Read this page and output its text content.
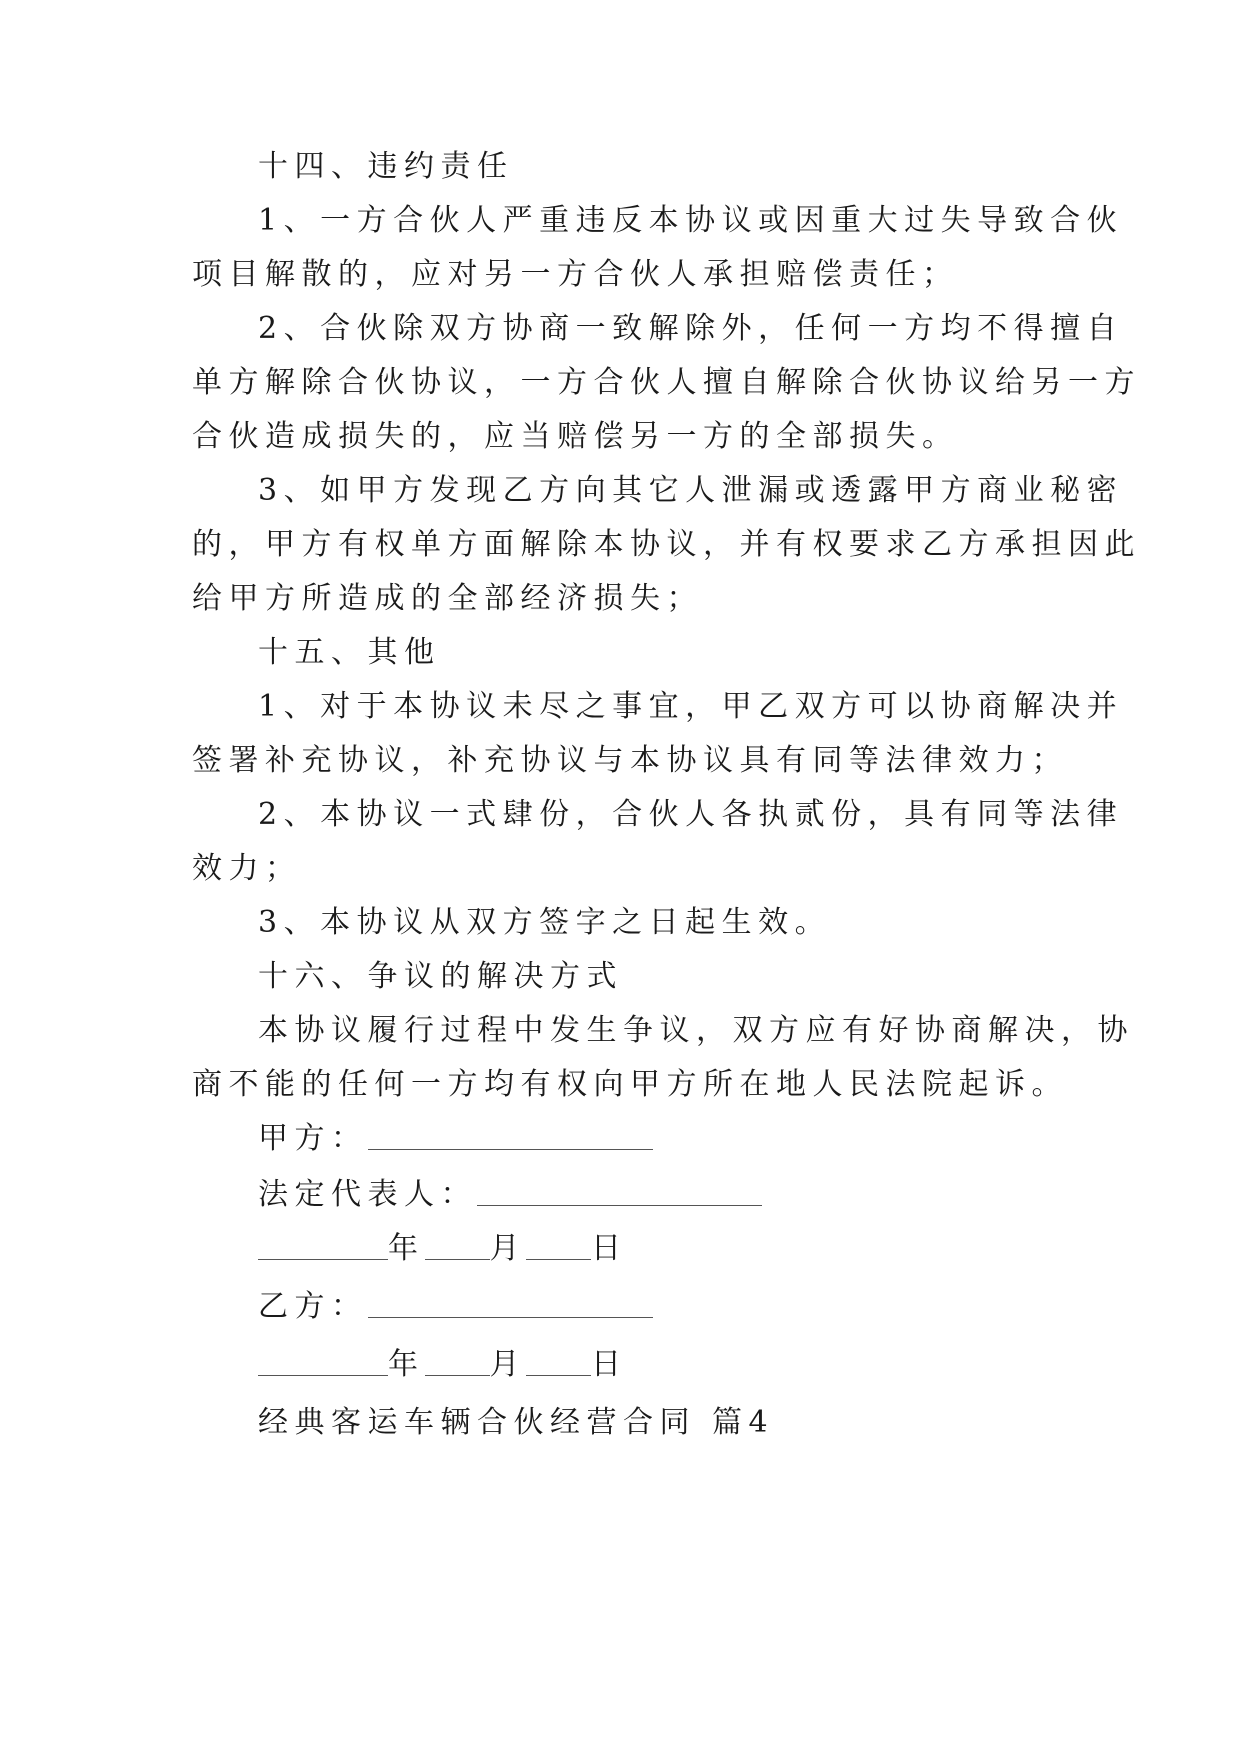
十四、违约责任
1、一方合伙人严重违反本协议或因重大过失导致合伙
项目解散的，应对另一方合伙人承担赔偿责任；
2、合伙除双方协商一致解除外，任何一方均不得擅自
单方解除合伙协议，一方合伙人擅自解除合伙协议给另一方
合伙造成损失的，应当赔偿另一方的全部损失。
3、如甲方发现乙方向其它人泄漏或透露甲方商业秘密
的，甲方有权单方面解除本协议，并有权要求乙方承担因此
给甲方所造成的全部经济损失；
十五、其他
1、对于本协议未尽之事宜，甲乙双方可以协商解决并
签署补充协议，补充协议与本协议具有同等法律效力；
2、本协议一式肆份，合伙人各执贰份，具有同等法律
效力；
3、本协议从双方签字之日起生效。
十六、争议的解决方式
本协议履行过程中发生争议，双方应有好协商解决，协
商不能的任何一方均有权向甲方所在地人民法院起诉。
甲方：
法定代表人：
年 月 日
乙方：
年 月 日
经典客运车辆合伙经营合同 篇4
